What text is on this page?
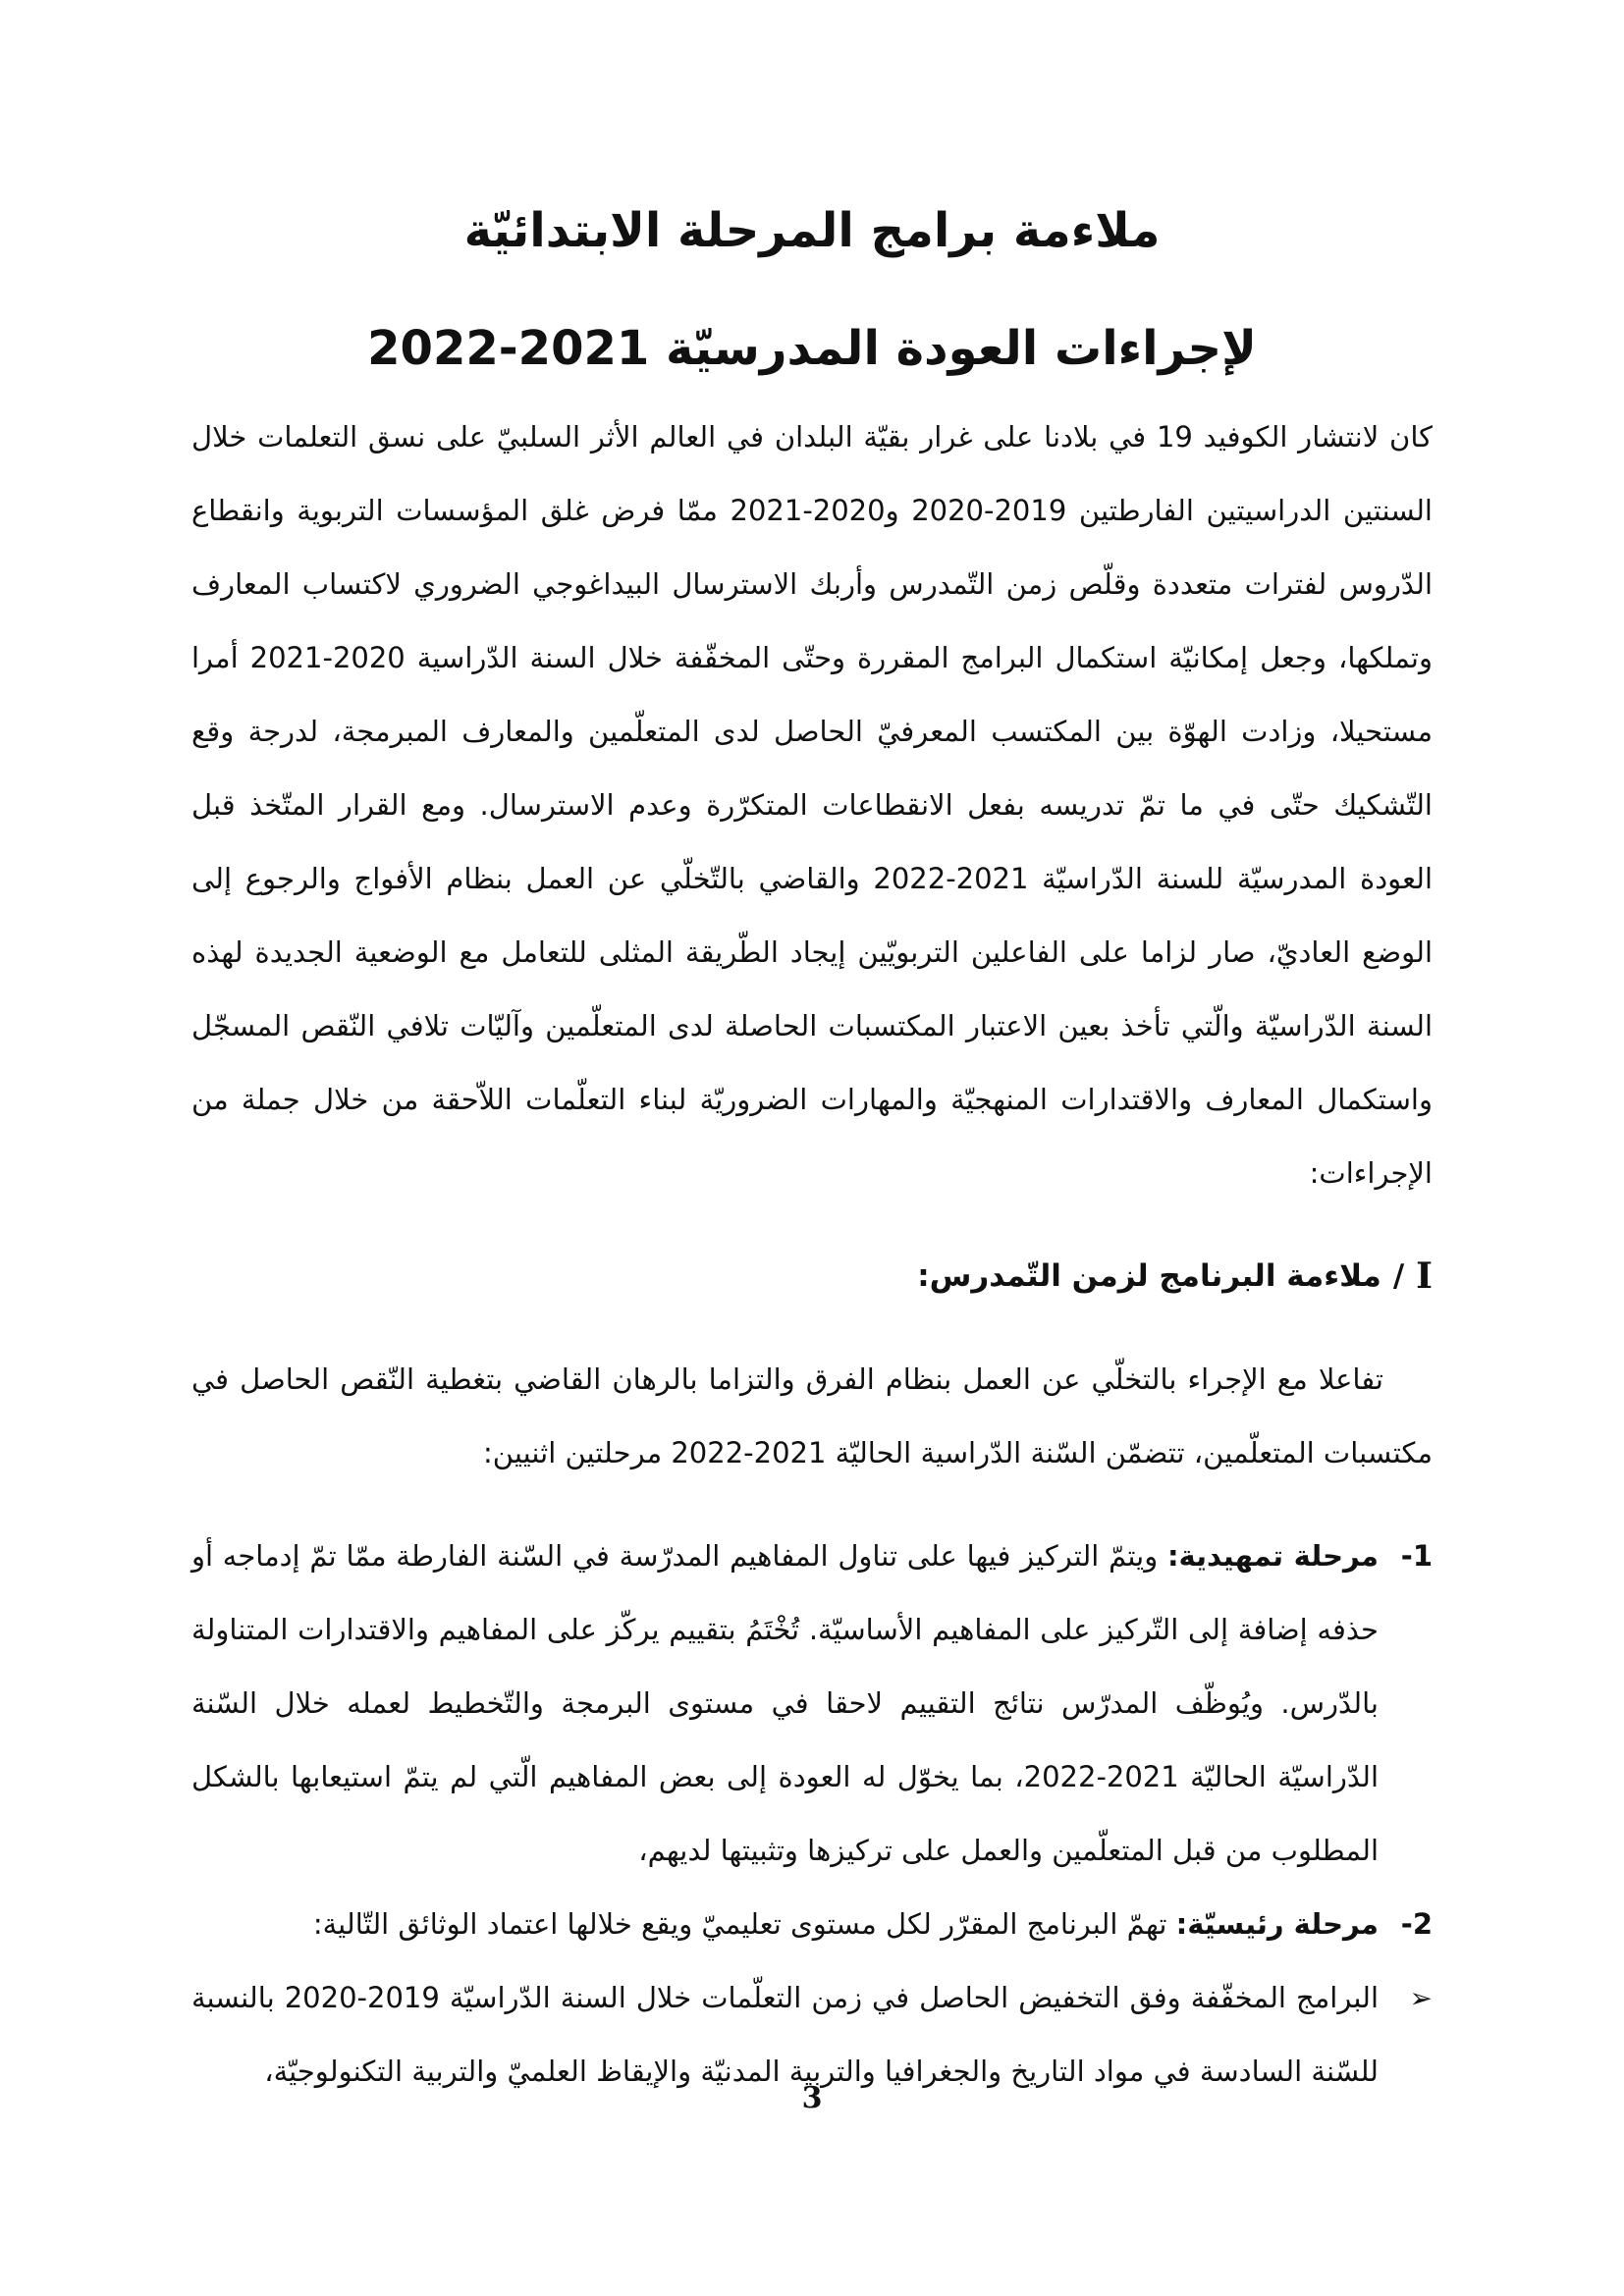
ملاءمة برامج المرحلة الابتدائيّة
لإجراءات العودة المدرسيّة 2021-2022

كان لانتشار الكوفيد 19 في بلادنا على غرار بقيّة البلدان في العالم الأثر السلبيّ على نسق التعلمات خلال السنتين الدراسيتين الفارطتين 2019-2020 و2020-2021 ممّا فرض غلق المؤسسات التربوية وانقطاع الدّروس لفترات متعددة وقلّص زمن التّمدرس وأربك الاسترسال البيداغوجي الضروري لاكتساب المعارف وتملكها، وجعل إمكانيّة استكمال البرامج المقررة وحتّى المخفّفة خلال السنة الدّراسية 2020-2021 أمرا مستحيلا، وزادت الهوّة بين المكتسب المعرفيّ الحاصل لدى المتعلّمين والمعارف المبرمجة، لدرجة وقع التّشكيك حتّى في ما تمّ تدريسه بفعل الانقطاعات المتكرّرة وعدم الاسترسال. ومع القرار المتّخذ قبل العودة المدرسيّة للسنة الدّراسيّة 2021-2022 والقاضي بالتّخلّي عن العمل بنظام الأفواج والرجوع إلى الوضع العاديّ، صار لزاما على الفاعلين التربويّين إيجاد الطّريقة المثلى للتعامل مع الوضعية الجديدة لهذه السنة الدّراسيّة والّتي تأخذ بعين الاعتبار المكتسبات الحاصلة لدى المتعلّمين وآليّات تلافي النّقص المسجّل واستكمال المعارف والاقتدارات المنهجيّة والمهارات الضروريّة لبناء التعلّمات اللاّحقة من خلال جملة من الإجراءات:

I
/
ملاءمة البرنامج لزمن التّمدرس:

تفاعلا مع الإجراء بالتخلّي عن العمل بنظام الفرق والتزاما بالرهان القاضي بتغطية النّقص الحاصل في مكتسبات المتعلّمين، تتضمّن السّنة الدّراسية الحاليّة 2021-2022 مرحلتين اثنيين:

-1
مرحلة تمهيدية: ويتمّ التركيز فيها على تناول المفاهيم المدرّسة في السّنة الفارطة ممّا تمّ إدماجه أو حذفه إضافة إلى التّركيز على المفاهيم الأساسيّة. تُخْتَمُ بتقييم يركّز على المفاهيم والاقتدارات المتناولة بالدّرس. ويُوظّف المدرّس نتائج التقييم لاحقا في مستوى البرمجة والتّخطيط لعمله خلال السّنة الدّراسيّة الحاليّة 2021-2022، بما يخوّل له العودة إلى بعض المفاهيم الّتي لم يتمّ استيعابها بالشكل المطلوب من قبل المتعلّمين والعمل على تركيزها وتثبيتها لديهم،
-2
مرحلة رئيسيّة: تهمّ البرنامج المقرّر لكل مستوى تعليميّ ويقع خلالها اعتماد الوثائق التّالية:
➢
البرامج المخفّفة وفق التخفيض الحاصل في زمن التعلّمات خلال السنة الدّراسيّة 2019-2020 بالنسبة للسّنة السادسة في مواد التاريخ والجغرافيا والتربية المدنيّة والإيقاظ العلميّ والتربية التكنولوجيّة،
3
